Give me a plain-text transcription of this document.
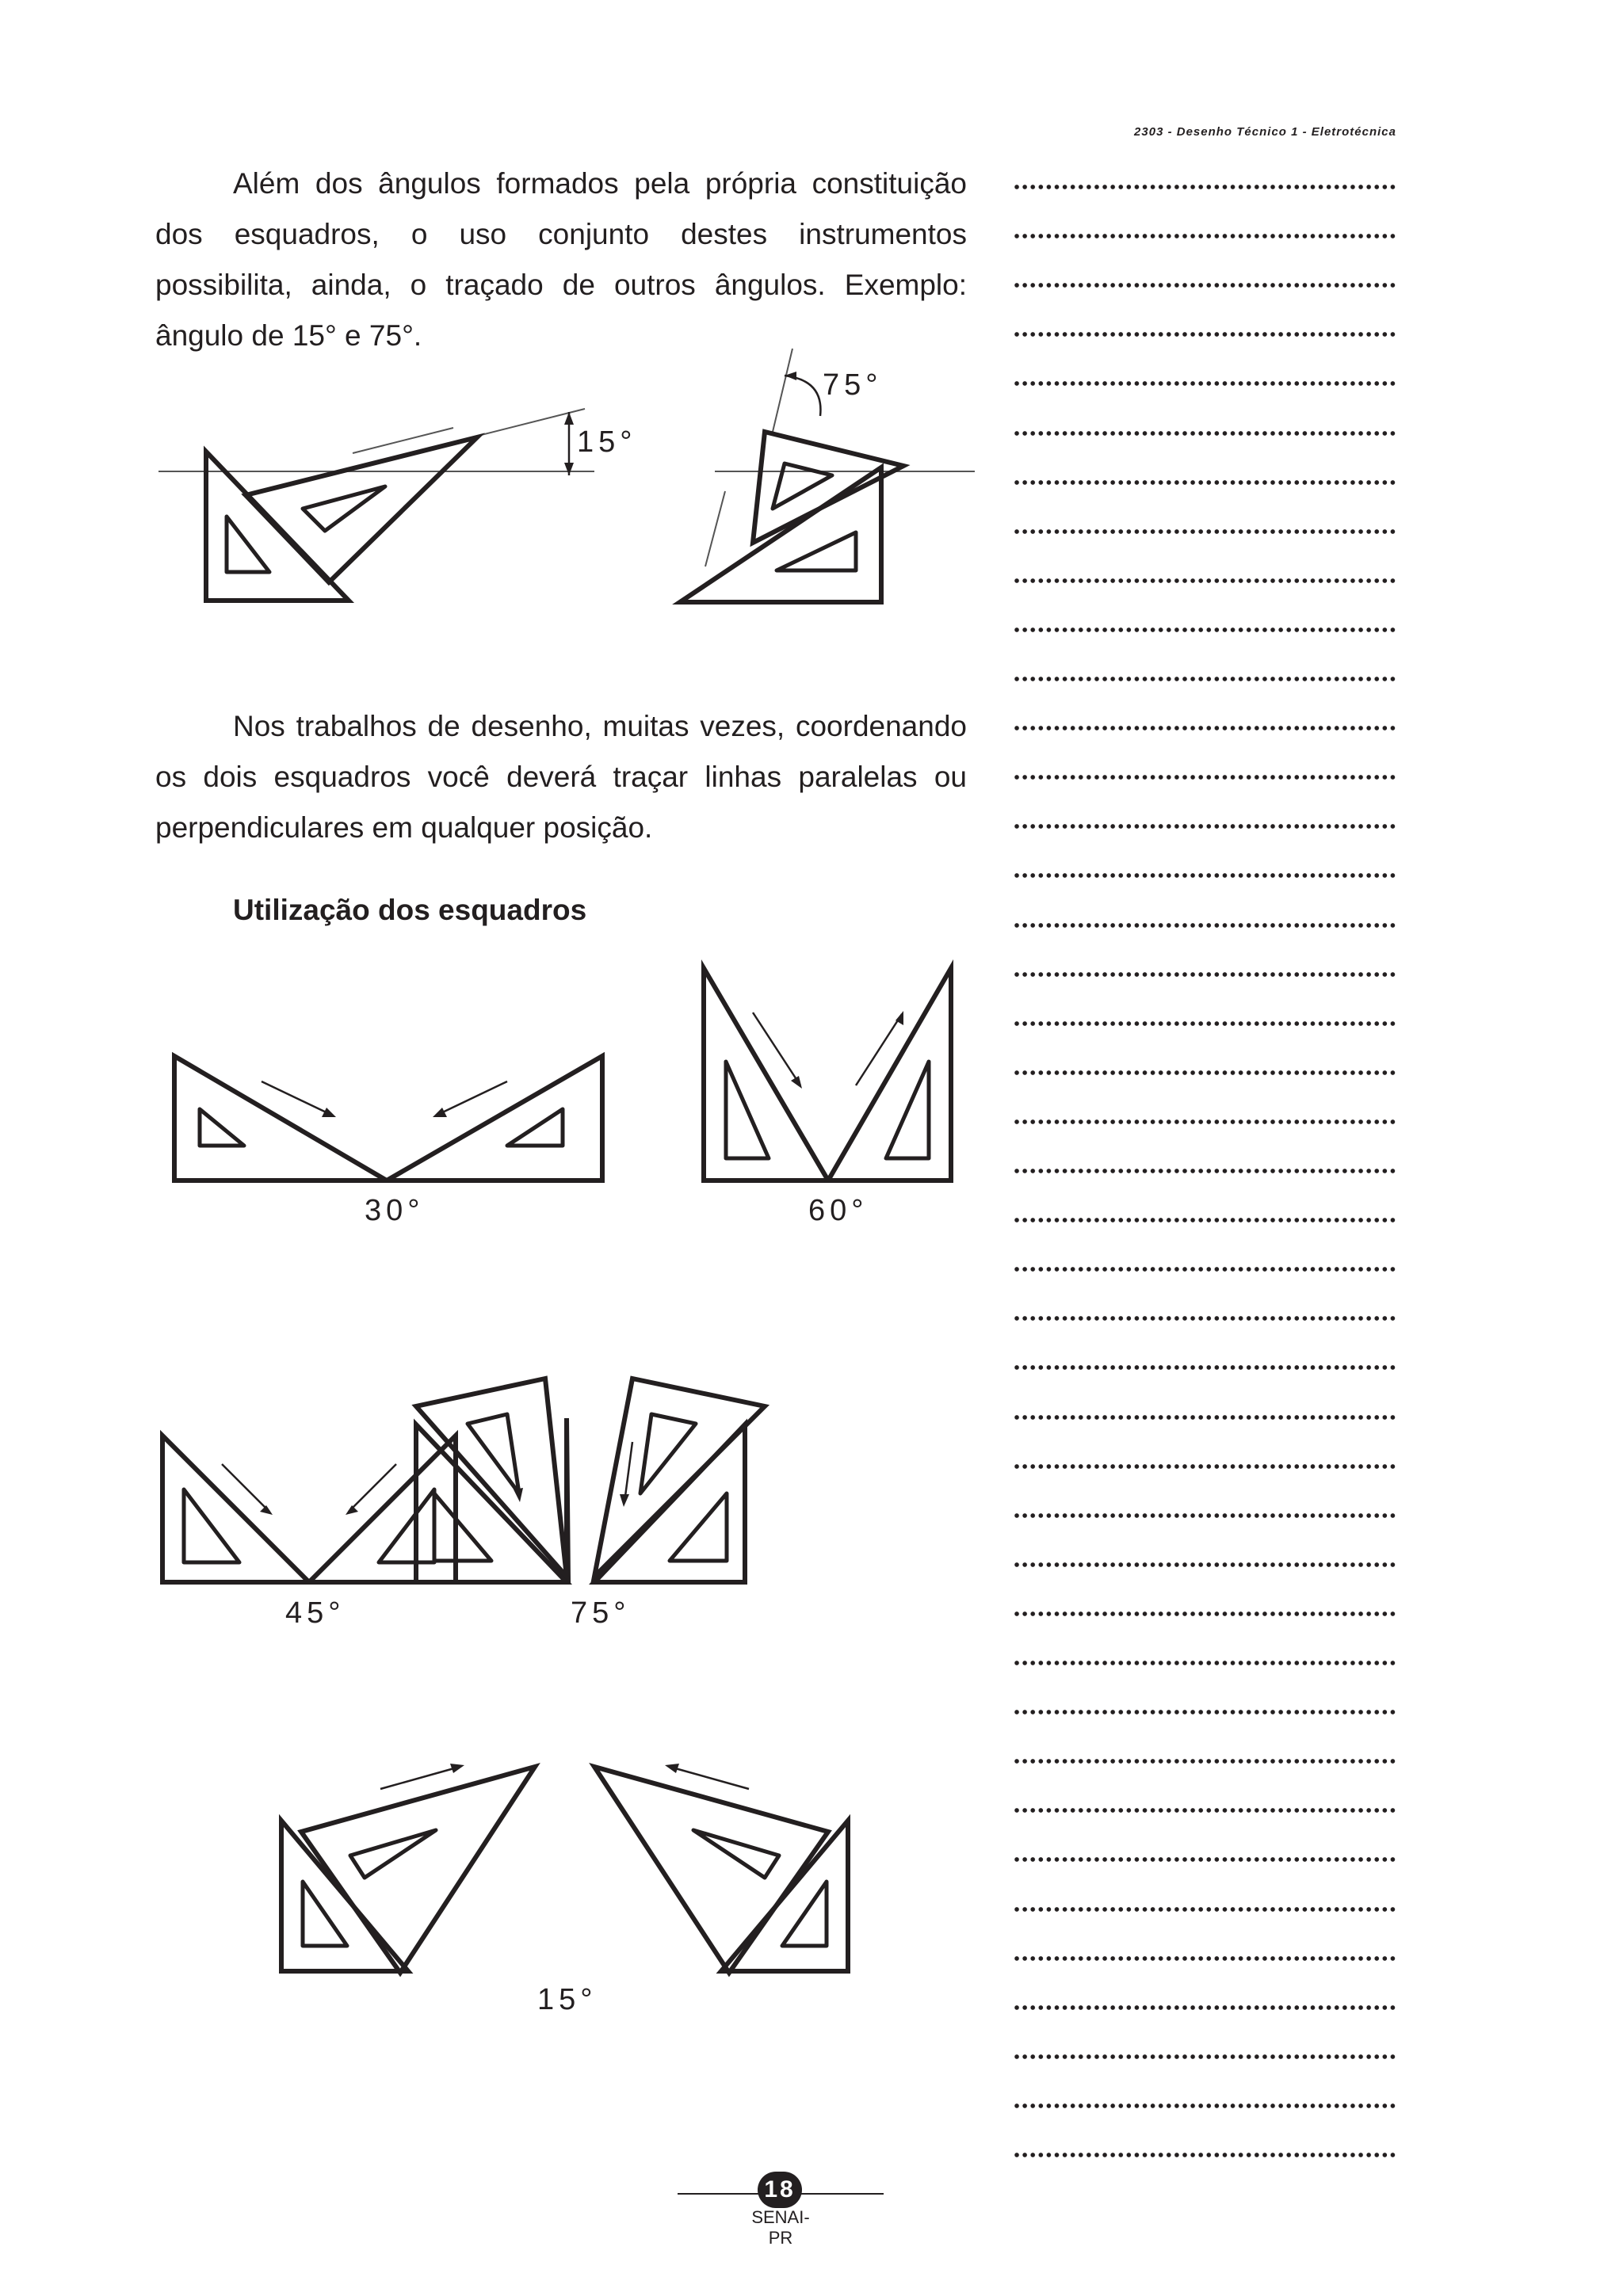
2303 - Desenho Técnico 1 - Eletrotécnica

Além dos ângulos formados pela própria constituição dos esquadros, o uso conjunto destes instrumentos possibilita, ainda, o traçado de outros ângulos. Exemplo: ângulo de 15° e 75°.

15°
75°

Nos trabalhos de desenho, muitas vezes, coordenando os dois esquadros você deverá traçar linhas paralelas ou perpendiculares em qualquer posição.

Utilização dos esquadros

30°	60°
45°	75°
15°
18
SENAI-PR
